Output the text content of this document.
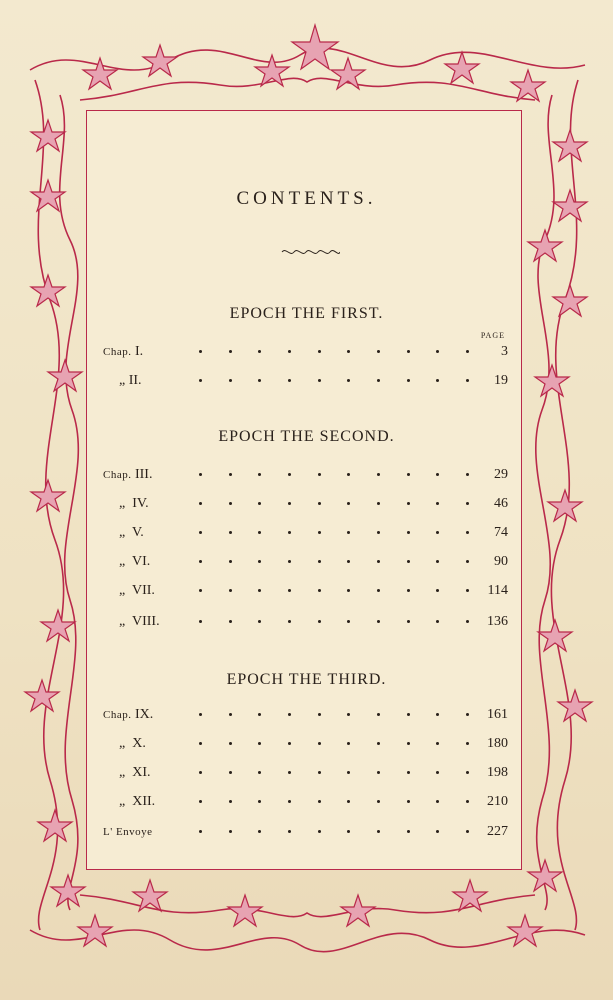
CONTENTS.
EPOCH THE FIRST.
PAGE
Chap. I.	3
„ II.	19
EPOCH THE SECOND.
Chap. III.	29
„ IV.	46
„ V.	74
„ VI.	90
„ VII.	114
„ VIII.	136
EPOCH THE THIRD.
Chap. IX.	161
„ X.	180
„ XI.	198
„ XII.	210
L' Envoye	227
